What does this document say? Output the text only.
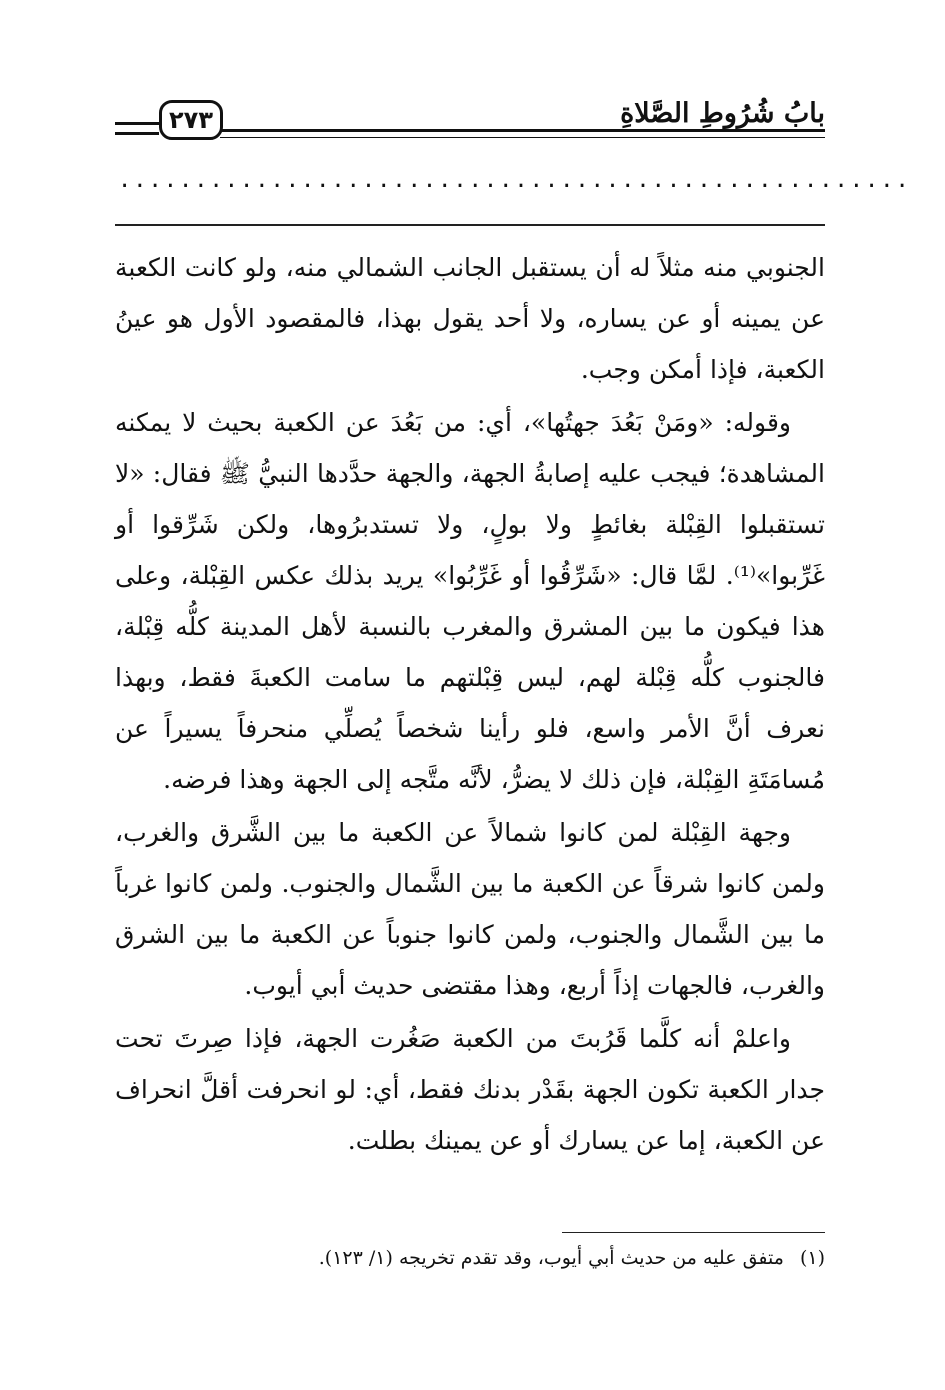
٢٧٣	بابُ شُرُوطِ الصَّلاةِ
....................................................

الجنوبي منه مثلاً له أن يستقبل الجانب الشمالي منه، ولو كانت الكعبة عن يمينه أو عن يساره، ولا أحد يقول بهذا، فالمقصود الأول هو عينُ الكعبة، فإذا أمكن وجب.

وقوله: «ومَنْ بَعُدَ جهتُها»، أي: من بَعُدَ عن الكعبة بحيث لا يمكنه المشاهدة؛ فيجب عليه إصابةُ الجهة، والجهة حدَّدها النبيُّ ﷺ فقال: «لا تستقبلوا القِبْلة بغائطٍ ولا بولٍ، ولا تستدبرُوها، ولكن شَرِّقوا أو غَرِّبوا»⁽¹⁾. لمَّا قال: «شَرِّقُوا أو غَرِّبُوا» يريد بذلك عكس القِبْلة، وعلى هذا فيكون ما بين المشرق والمغرب بالنسبة لأهل المدينة كلُّه قِبْلة، فالجنوب كلُّه قِبْلة لهم، ليس قِبْلتهم ما سامت الكعبةَ فقط، وبهذا نعرف أنَّ الأمر واسع، فلو رأينا شخصاً يُصلِّي منحرفاً يسيراً عن مُسامَتَةِ القِبْلة، فإن ذلك لا يضرُّ، لأنَّه متَّجه إلى الجهة وهذا فرضه.

وجهة القِبْلة لمن كانوا شمالاً عن الكعبة ما بين الشَّرق والغرب، ولمن كانوا شرقاً عن الكعبة ما بين الشَّمال والجنوب. ولمن كانوا غرباً ما بين الشَّمال والجنوب، ولمن كانوا جنوباً عن الكعبة ما بين الشرق والغرب، فالجهات إذاً أربع، وهذا مقتضى حديث أبي أيوب.

واعلمْ أنه كلَّما قَرُبتَ من الكعبة صَغُرت الجهة، فإذا صِرتَ تحت جدار الكعبة تكون الجهة بقَدْر بدنك فقط، أي: لو انحرفت أقلَّ انحراف عن الكعبة، إما عن يسارك أو عن يمينك بطلت.

(١)متفق عليه من حديث أبي أيوب، وقد تقدم تخريجه (١/ ١٢٣).
